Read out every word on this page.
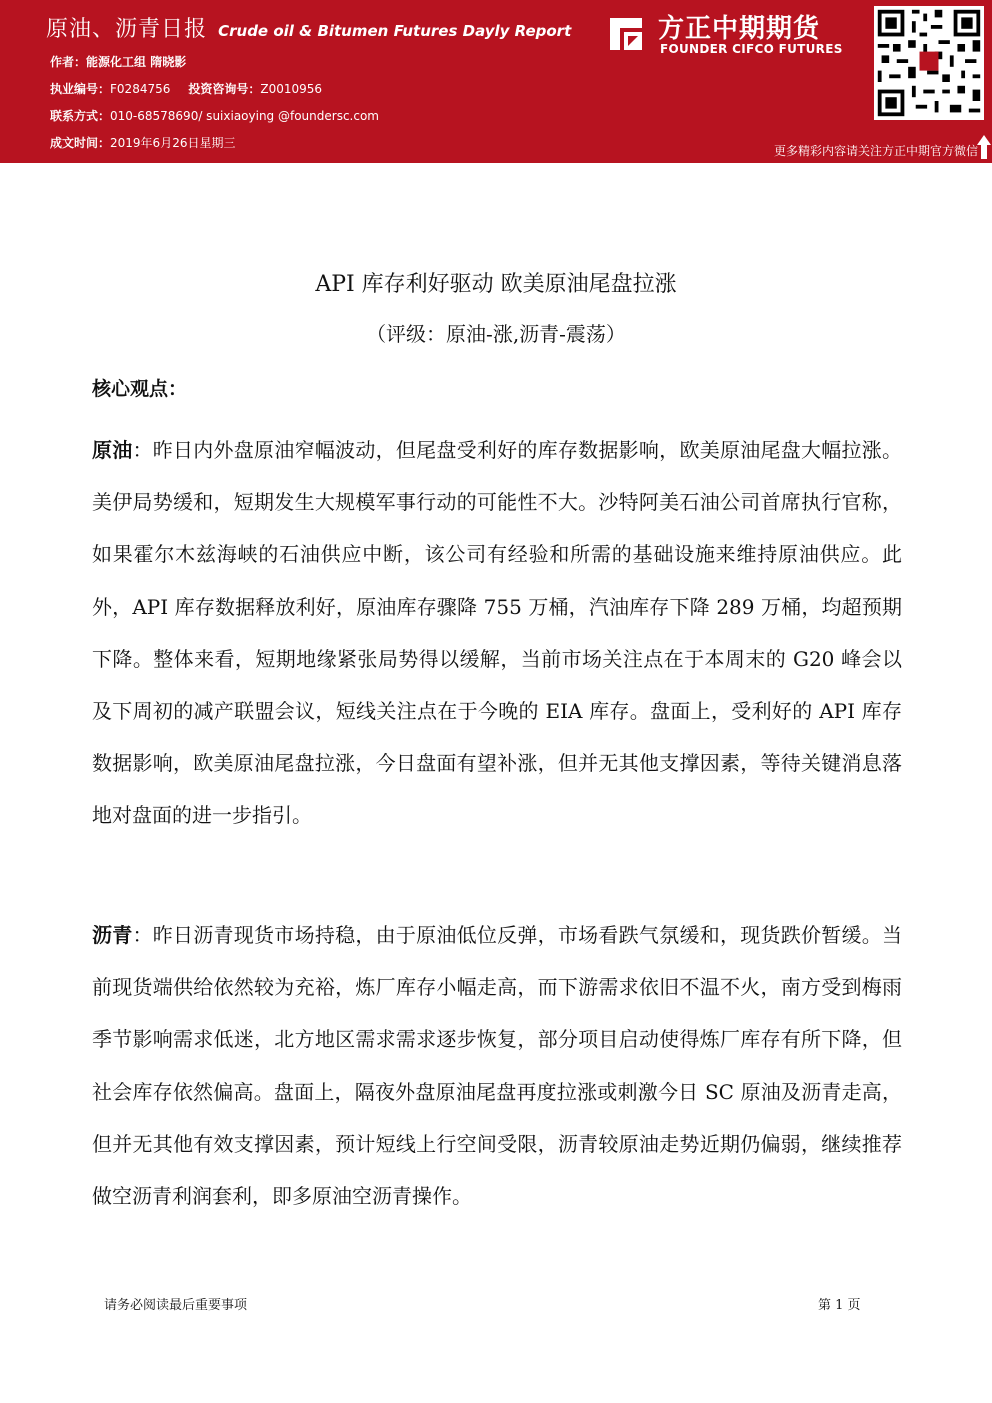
原油、沥青日报 Crude oil & Bitumen Futures Dayly Report
作者：能源化工组 隋晓影
执业编号：F0284756 投资咨询号：Z0010956
联系方式：010-68578690/ suixiaoying @foundersc.com
成文时间：2019年6月26日星期三
方正中期期货
FOUNDER CIFCO FUTURES
更多精彩内容请关注方正中期官方微信
API 库存利好驱动 欧美原油尾盘拉涨
（评级：原油-涨,沥青-震荡）
核心观点：
原油：昨日内外盘原油窄幅波动，但尾盘受利好的库存数据影响，欧美原油尾盘大幅拉涨。美伊局势缓和，短期发生大规模军事行动的可能性不大。沙特阿美石油公司首席执行官称，如果霍尔木兹海峡的石油供应中断，该公司有经验和所需的基础设施来维持原油供应。此外，API 库存数据释放利好，原油库存骤降 755 万桶，汽油库存下降 289 万桶，均超预期下降。整体来看，短期地缘紧张局势得以缓解，当前市场关注点在于本周末的 G20 峰会以及下周初的减产联盟会议，短线关注点在于今晚的 EIA 库存。盘面上，受利好的 API 库存数据影响，欧美原油尾盘拉涨，今日盘面有望补涨，但并无其他支撑因素，等待关键消息落地对盘面的进一步指引。
沥青：昨日沥青现货市场持稳，由于原油低位反弹，市场看跌气氛缓和，现货跌价暂缓。当前现货端供给依然较为充裕，炼厂库存小幅走高，而下游需求依旧不温不火，南方受到梅雨季节影响需求低迷，北方地区需求需求逐步恢复，部分项目启动使得炼厂库存有所下降，但社会库存依然偏高。盘面上，隔夜外盘原油尾盘再度拉涨或刺激今日 SC 原油及沥青走高，但并无其他有效支撑因素，预计短线上行空间受限，沥青较原油走势近期仍偏弱，继续推荐做空沥青利润套利，即多原油空沥青操作。
请务必阅读最后重要事项	第 1 页
